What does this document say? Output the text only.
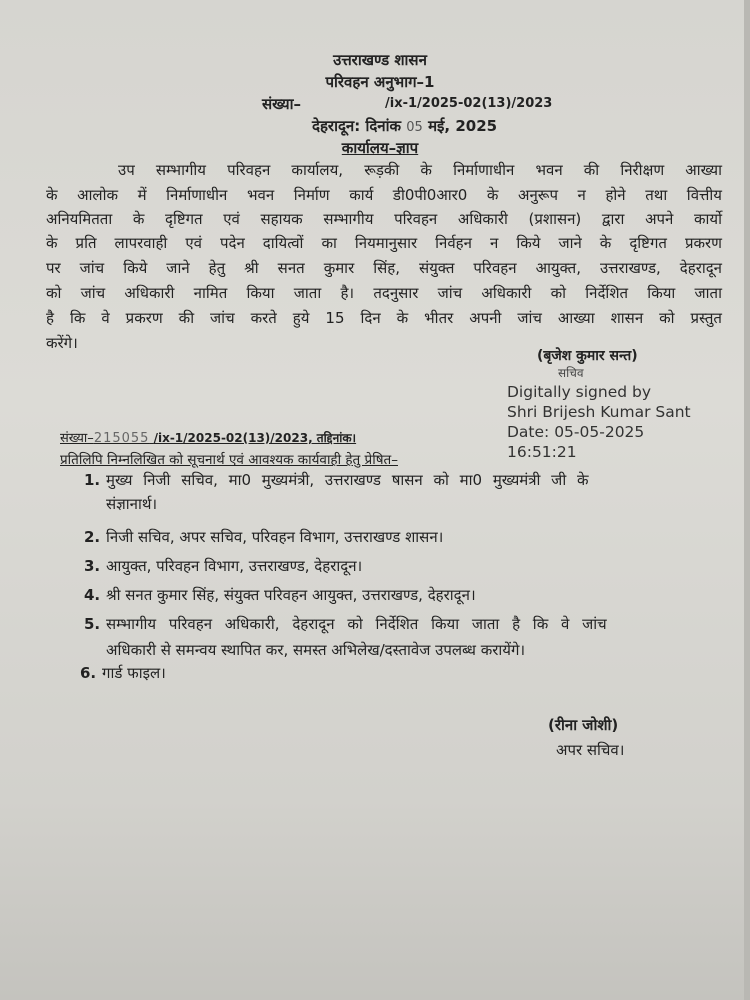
उत्तराखण्ड शासन
परिवहन अनुभाग–1
संख्या–	/ix-1/2025-02(13)/2023
देहरादून: दिनांक 05 मई, 2025
कार्यालय–ज्ञाप
उप सम्भागीय परिवहन कार्यालय, रूड़की के निर्माणाधीन भवन की निरीक्षण आख्या
के आलोक में निर्माणाधीन भवन निर्माण कार्य डी0पी0आर0 के अनुरूप न होने तथा वित्तीय
अनियमितता के दृष्टिगत एवं सहायक सम्भागीय परिवहन अधिकारी (प्रशासन) द्वारा अपने कार्यो
के प्रति लापरवाही एवं पदेन दायित्वों का नियमानुसार निर्वहन न किये जाने के दृष्टिगत प्रकरण
पर जांच किये जाने हेतु श्री सनत कुमार सिंह, संयुक्त परिवहन आयुक्त, उत्तराखण्ड, देहरादून
को जांच अधिकारी नामित किया जाता है। तदनुसार जांच अधिकारी को निर्देशित किया जाता
है कि वे प्रकरण की जांच करते हुये 15 दिन के भीतर अपनी जांच आख्या शासन को प्रस्तुत
करेंगे।
(बृजेश कुमार सन्त)
सचिव
Digitally signed by
Shri Brijesh Kumar Sant
Date: 05-05-2025
16:51:21
संख्या–215055 /ix-1/2025-02(13)/2023, तद्दिनांक।
प्रतिलिपि निम्नलिखित को सूचनार्थ एवं आवश्यक कार्यवाही हेतु प्रेषित–
1. मुख्य निजी सचिव, मा0 मुख्यमंत्री, उत्तराखण्ड षासन को मा0 मुख्यमंत्री जी के
संज्ञानार्थ।
2. निजी सचिव, अपर सचिव, परिवहन विभाग, उत्तराखण्ड शासन।
3. आयुक्त, परिवहन विभाग, उत्तराखण्ड, देहरादून।
4. श्री सनत कुमार सिंह, संयुक्त परिवहन आयुक्त, उत्तराखण्ड, देहरादून।
5. सम्भागीय परिवहन अधिकारी, देहरादून को निर्देशित किया जाता है कि वे जांच
अधिकारी से समन्वय स्थापित कर, समस्त अभिलेख/दस्तावेज उपलब्ध करायेंगे।
6. गार्ड फाइल।
(रीना जोशी)
अपर सचिव।
